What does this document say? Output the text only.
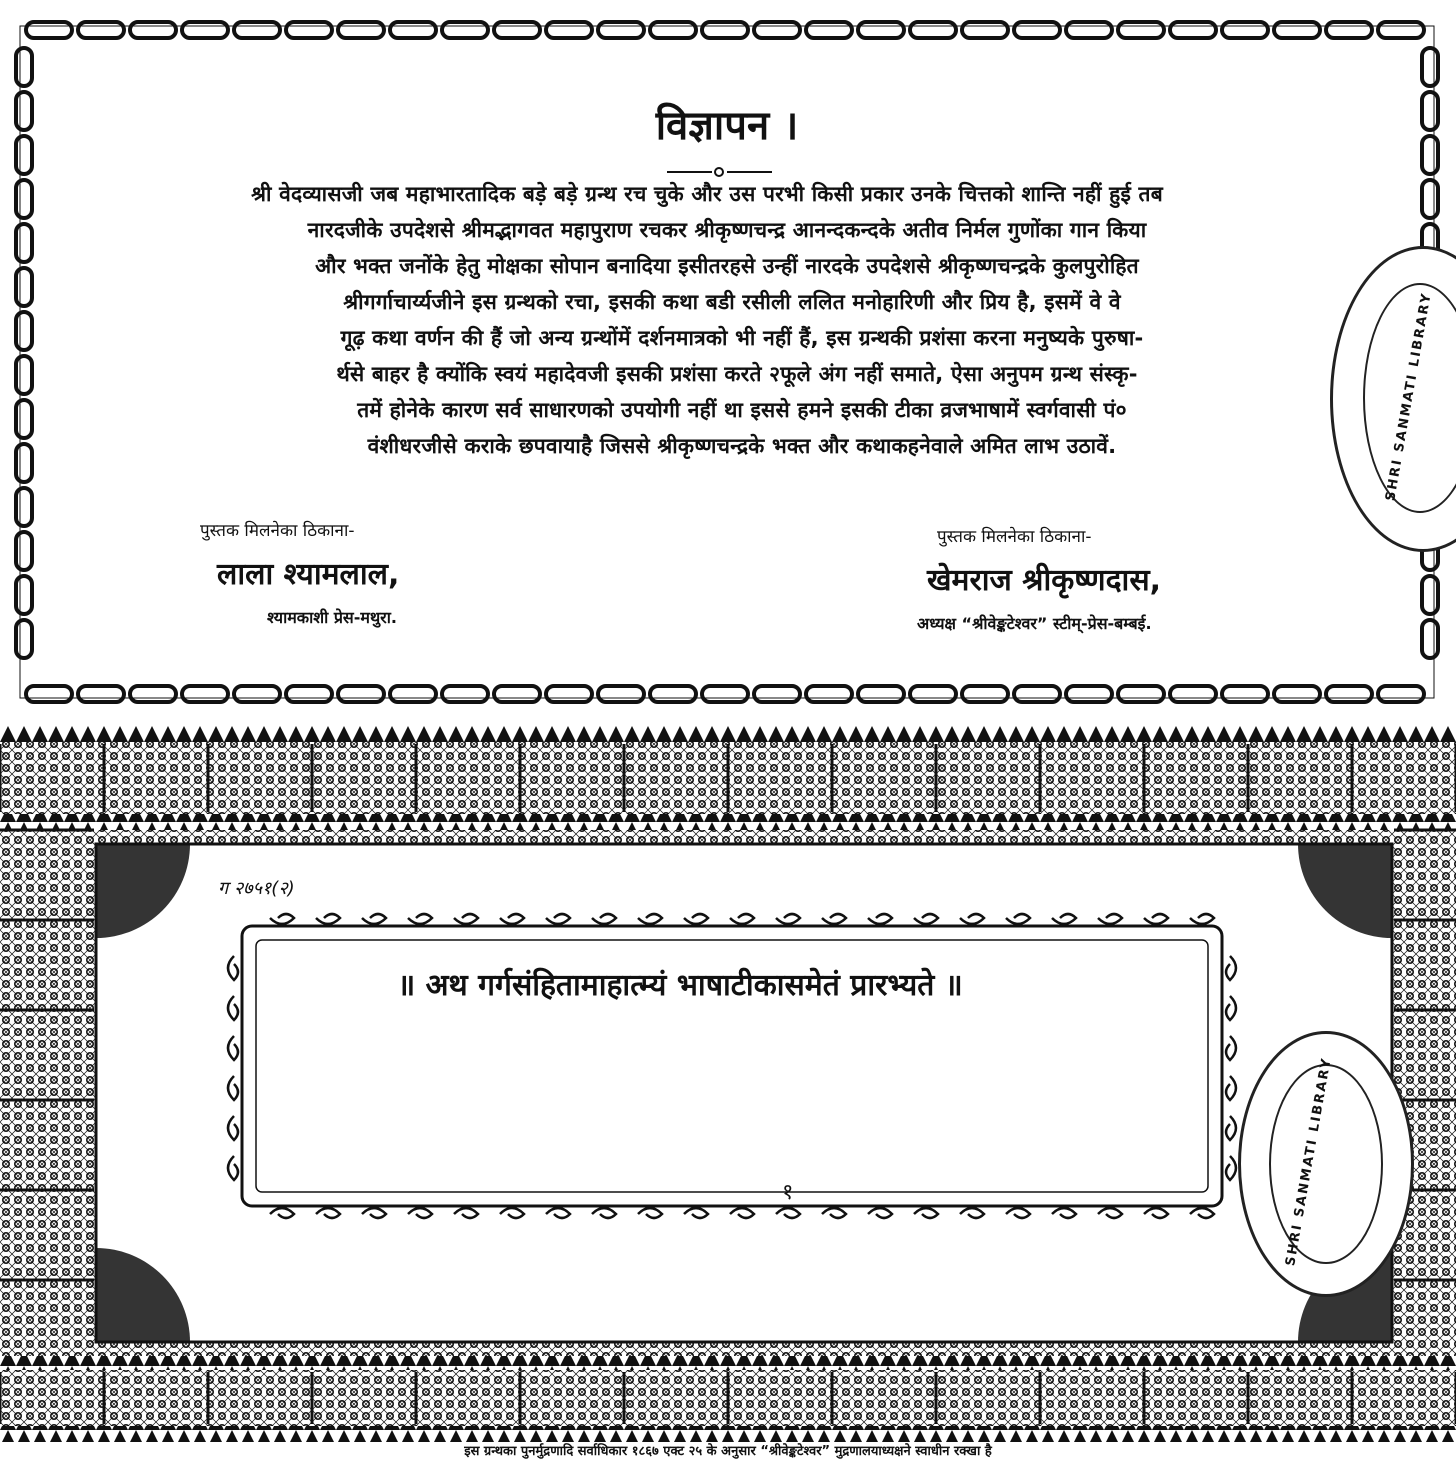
विज्ञापन ।
श्री वेदव्यासजी जब महाभारतादिक बड़े बड़े ग्रन्थ रच चुके और उस परभी किसी प्रकार उनके चित्तको शान्ति नहीं हुई तब
नारदजीके उपदेशसे श्रीमद्भागवत महापुराण रचकर श्रीकृष्णचन्द्र आनन्दकन्दके अतीव निर्मल गुणोंका गान किया
और भक्त जनोंके हेतु मोक्षका सोपान बनादिया इसीतरहसे उन्हीं नारदके उपदेशसे श्रीकृष्णचन्द्रके कुलपुरोहित
श्रीगर्गाचार्य्यजीने इस ग्रन्थको रचा, इसकी कथा बडी रसीली ललित मनोहारिणी और प्रिय है, इसमें वे वे
गूढ़ कथा वर्णन की हैं जो अन्य ग्रन्थोंमें दर्शनमात्रको भी नहीं हैं, इस ग्रन्थकी प्रशंसा करना मनुष्यके पुरुषा-
र्थसे बाहर है क्योंकि स्वयं महादेवजी इसकी प्रशंसा करते २फूले अंग नहीं समाते, ऐसा अनुपम ग्रन्थ संस्कृ-
तमें होनेके कारण सर्व साधारणको उपयोगी नहीं था इससे हमने इसकी टीका व्रजभाषामें स्वर्गवासी पं०
वंशीधरजीसे कराके छपवायाहै जिससे श्रीकृष्णचन्द्रके भक्त और कथाकहनेवाले अमित लाभ उठावें.
पुस्तक मिलनेका ठिकाना-
लाला श्यामलाल,
श्यामकाशी प्रेस-मथुरा.
पुस्तक मिलनेका ठिकाना-
खेमराज श्रीकृष्णदास,
अध्यक्ष “श्रीवेङ्कटेश्वर” स्टीम्-प्रेस-बम्बई.
SHRI SANMATI LIBRARY
SHRI SANMATI LIBRARY
ग २७५१(२)
॥ अथ गर्गसंहितामाहात्म्यं भाषाटीकासमेतं प्रारभ्यते ॥
१
इस ग्रन्थका पुनर्मुद्रणादि सर्वाधिकार १८६७ एक्ट २५ के अनुसार “श्रीवेङ्कटेश्वर” मुद्रणालयाध्यक्षने स्वाधीन रक्खा है
